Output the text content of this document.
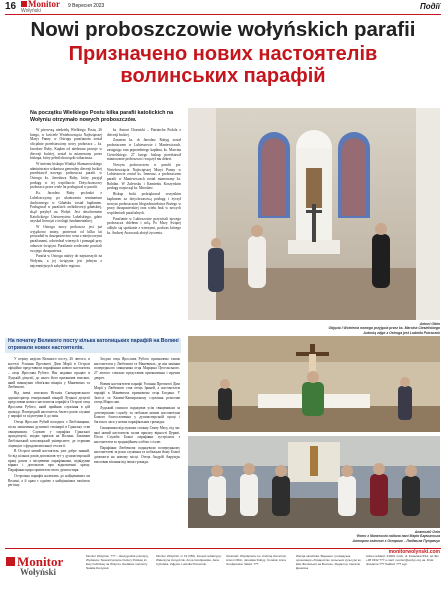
16	Monitor
Wołyński
9 Вересня 2023	Події
Nowi proboszczowie wołyńskich parafii
Призначено нових настоятелів
волинських парафій

Na początku Wielkiego Postu kilka parafii katolickich na Wołyniu otrzymało nowych proboszczów.

W pierwszą niedzielę Wielkiego Postu, 26 lutego, w kościele Wniebowzięcia Najświętszej Maryi Panny w Ostrogu parafianom został oficjalnie przedstawiony nowy proboszcz – ks. Jarosław Ruby. Kapłan od niedawna pracuje w diecezji łuckiej, został tu mianowany przez biskupa, który pełnił obowiązki wikariusza.

W imieniu biskupa Witalija Skomarowskiego administrator wikariusz generalny diecezji łuckiej przedstawił nowego proboszcza parafii w Ostrogu ks. Jarosława Ruby, który przyjął posługę w tej wspólnocie. Dotychczasowy proboszcz przez wiele lat posługiwał w parafii.

Ks. Jarosław Ruby pochodzi z Lubelszczyzny, po ukończeniu seminarium duchownego w Gdańsku został kapłanem. Posługiwał w parafiach archidiecezji gdańskiej, skąd przybył na Wołyń. Jest absolwentem Katolickiego Uniwersytetu Lubelskiego, gdzie uzyskał licencjat z teologii fundamentalnej.

W Ostrogu nowy proboszcz jest już wyjątkowo znany, ponieważ od kilku lat prowadził tu duszpasterstwo wraz z miejscowymi parafianami, odwiedzał wiernych i pomagał przy odnowie świątyni. Parafianie serdecznie powitali swojego duszpasterza.

Parafia w Ostrogu należy do najstarszych na Wołyniu, a jej świątynia jest jednym z najcenniejszych zabytków regionu.

ks. Antoni Charnicki – Patriarcha Podola z diecezji łuckiej.

Zarazem ks. dr Jarosław Rubyg został proboszczem w Lubieszowie i Maniewiczach, zastępując tam poprzedniego kapłana, ks. Marcina Ciesielskiego. 27 lutego biskup przedstawił mianowanie proboszcza i wręczył mu dekret.

Nowym proboszczem w parafii pw. Wniebowzięcia Najświętszej Maryi Panny w Lubieszowie został ks. Ireneusz, a proboszczem parafii w Maniewiczach został mianowany ks. Bohdan. W Zalewsku i Kamieniu Koszyrskim posługę rozpoczął ks. Mirosław.

Biskup łucki podziękował wszystkim kapłanom za dotychczasową posługę i życzył nowym proboszczom błogosławieństwa Bożego w pracy duszpasterskiej oraz wielu łask w nowych wspólnotach parafialnych.

Parafianie w Lubieszowie przywitali nowego proboszcza chlebem i solą. Po Mszy Świętej odbyło się spotkanie z wiernymi, podczas którego ks. Andrzej Awruczuk złożył życzenia.

Antoni Olbin
Objęcia i Wcielenia nowego przyjęcia przez ks. Marcina Ciesielskiego
Autorką zdjęć z Ostroga jest Ludmiła Putraczuk

На початку Великого посту кілька католицьких парафій на Волині отримали нових настоятелів.

У першу неділю Великого посту, 26 лютого, в костелі Успіння Пресвятої Діви Марії в Острозі офіційно представили парафіянам нового настоятеля – отця Ярослава Рубого. Він недавно працює в Луцькій дієцезії, до нього його призначив єпископ, який виконував обов'язки вікарія у Маневичах та Любешові.

Від імені єпископа Віталія Скомаровського адміністратор генеральний вікарій Луцької дієцезії представив нового настоятеля парафії в Острозі отця Ярослава Рубого, який прийняв служіння в цій громаді. Попередній настоятель багато років служив у парафії та підготував її до змін.

Отець Ярослав Рубий походить з Люблінщини, після закінчення духовної семінарії в Гданську став священиком. Служив у парафіях Гданської архидієцезії, звідки приїхав на Волинь. Закінчив Люблінський католицький університет, де отримав ліценціат з фундаментальної теології.

В Острозі новий настоятель уже добре знаний, бо від кількох років допомагав тут у душпастирській праці разом з місцевими парафіянами, відвідував вірних і допомагав при відновленні храму. Парафіяни щиро привітали свого душпастиря.

Острозька парафія належить до найдавніших на Волині, а її храм є однією з найцінніших пам'яток регіону.

Згодом отця Ярослава Рубого призначено також настоятелем у Любешові та Маневичах, де він замінив попереднього священика отця Марцина Цесельського. 27 лютого єпископ представив призначення і вручив декрет.

Новим настоятелем парафії Успіння Пресвятої Діви Марії у Любешові став отець Іриней, а настоятелем парафії в Маневичах призначено отця Богдана. У Заліссі та Камені-Каширському служіння розпочав отець Мирослав.

Луцький єпископ подякував усім священикам за дотеперішню службу та побажав новим настоятелям Божого благословення у душпастирській праці і багатьох ласк у нових парафіяльних громадах.

Священики відслужили спільну Святу Месу, під час якої новий настоятель склав присягу вірності Церкві. Після Служби Божої парафіяни зустрілися з настоятелем за традиційним хлібом і сіллю.

Парафіяни Любешова подякували попередньому настоятелеві за роки служіння та побажали йому Божої допомоги на новому місці. Отець Андрій Аврущук висловив вітання від імені громади.

Анатолій Олін
Фото з Маневичів надала пані Марія Барчинська
Автором світлин з Острога – Людмила Путрачук
monitorwolynski.com
Monitor
Wołyński
Monitor Wołyński, ??? – dwutygodnik polonijny. Wydawca: Stowarzyszenie Kultury Polskiej im. Ewy Felińskiej na Wołyniu. Redaktor naczelny: Natalia Denysiuk.
Monitor Wołyński, nr 16 (350). Zespół redakcyjny: Walentyna Jusypczuk, Anna Gordijewska, Jana Cybulska. Zdjęcia: Ludmiła Putraczuk.
Ukraiński: Współpraca: ks. Andrzej Awruczuk, Antoni Olbin, Jarosław Rubyg. Korekta: Anna Gordijewska. Skład: ???.
Wersja ukraińska: Видання: громадська організація «Товариство польської культури ім. Еви Фелінської на Волині». Редактор: Наталія Денисюк.
Adres redakcji: 43000, Łuck, ul. Kowelska 9/12, tel./fax +38 0332 ??? e-mail: monitor@wolyn.org.ua. Druk: drukarnia ??? Nakład: ??? egz.
